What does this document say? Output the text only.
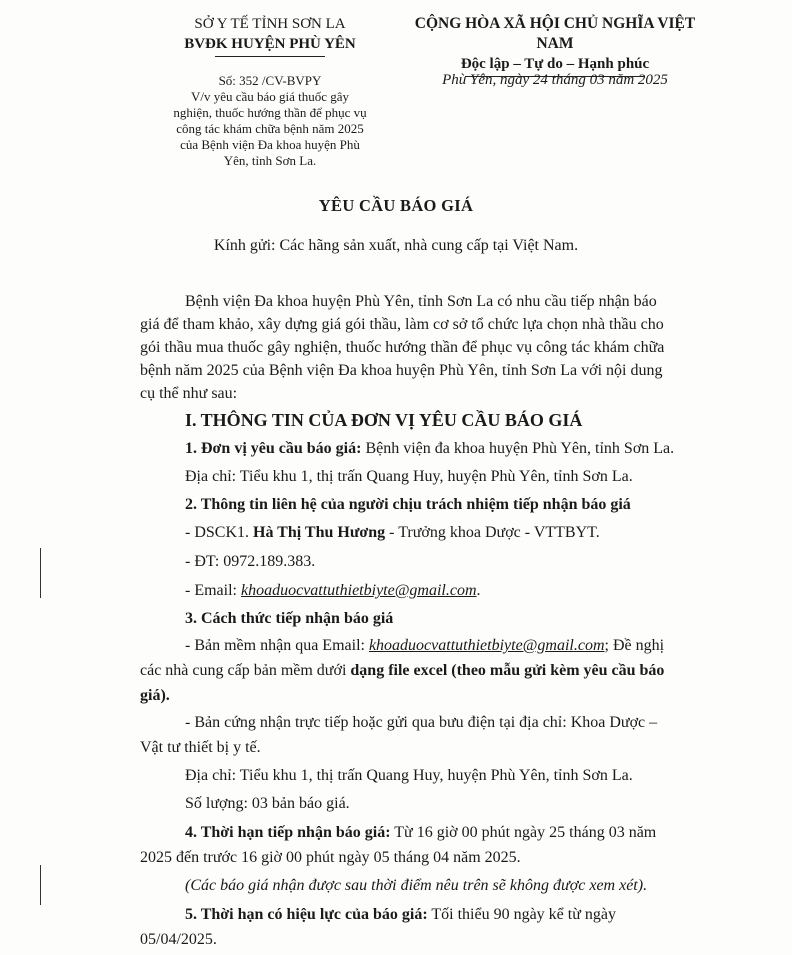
SỞ Y TẾ TỈNH SƠN LA
BVĐK HUYỆN PHÙ YÊN
CỘNG HÒA XÃ HỘI CHỦ NGHĨA VIỆT NAM
Độc lập – Tự do – Hạnh phúc
Số: 352 /CV-BVPY
V/v yêu cầu báo giá thuốc gây
nghiện, thuốc hướng thần để phục vụ
công tác khám chữa bệnh năm 2025
của Bệnh viện Đa khoa huyện Phù
Yên, tỉnh Sơn La.
Phù Yên, ngày 24 tháng 03 năm 2025
YÊU CẦU BÁO GIÁ
Kính gửi: Các hãng sản xuất, nhà cung cấp tại Việt Nam.
Bệnh viện Đa khoa huyện Phù Yên, tỉnh Sơn La có nhu cầu tiếp nhận báo
giá để tham khảo, xây dựng giá gói thầu, làm cơ sở tổ chức lựa chọn nhà thầu cho
gói thầu mua thuốc gây nghiện, thuốc hướng thần để phục vụ công tác khám chữa
bệnh năm 2025 của Bệnh viện Đa khoa huyện Phù Yên, tỉnh Sơn La với nội dung
cụ thể như sau:
I. THÔNG TIN CỦA ĐƠN VỊ YÊU CẦU BÁO GIÁ
1. Đơn vị yêu cầu báo giá: Bệnh viện đa khoa huyện Phù Yên, tỉnh Sơn La.
Địa chỉ: Tiểu khu 1, thị trấn Quang Huy, huyện Phù Yên, tỉnh Sơn La.
2. Thông tin liên hệ của người chịu trách nhiệm tiếp nhận báo giá
- DSCK1. Hà Thị Thu Hương - Trưởng khoa Dược - VTTBYT.
- ĐT: 0972.189.383.
- Email: khoaduocvattuthietbiyte@gmail.com.
3. Cách thức tiếp nhận báo giá
- Bản mềm nhận qua Email: khoaduocvattuthietbiyte@gmail.com; Đề nghị
các nhà cung cấp bản mềm dưới dạng file excel (theo mẫu gửi kèm yêu cầu báo
giá).
- Bản cứng nhận trực tiếp hoặc gửi qua bưu điện tại địa chỉ: Khoa Dược –
Vật tư thiết bị y tế.
Địa chỉ: Tiểu khu 1, thị trấn Quang Huy, huyện Phù Yên, tỉnh Sơn La.
Số lượng: 03 bản báo giá.
4. Thời hạn tiếp nhận báo giá: Từ 16 giờ 00 phút ngày 25 tháng 03 năm
2025 đến trước 16 giờ 00 phút ngày 05 tháng 04 năm 2025.
(Các báo giá nhận được sau thời điểm nêu trên sẽ không được xem xét).
5. Thời hạn có hiệu lực của báo giá: Tối thiểu 90 ngày kể từ ngày
05/04/2025.
